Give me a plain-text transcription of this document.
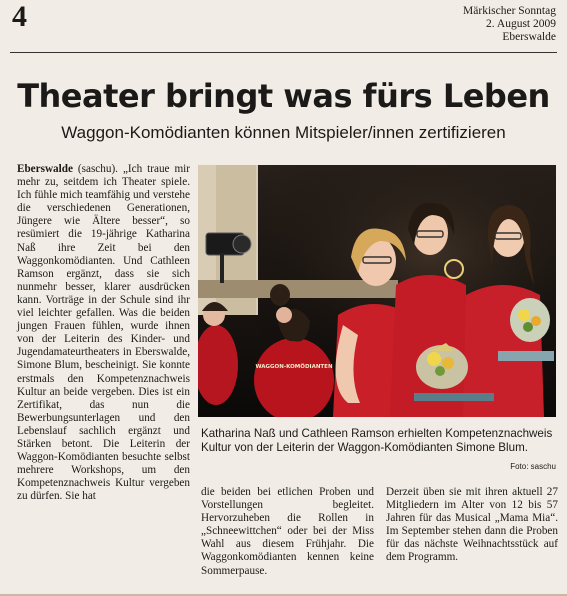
4	Märkischer Sonntag
2. August 2009
Eberswalde
Theater bringt was fürs Leben
Waggon-Komödianten können Mitspieler/innen zertifizieren
Eberswalde (saschu). „Ich traue mir mehr zu, seitdem ich Theater spiele. Ich fühle mich teamfähig und verstehe die verschiedenen Generationen, Jüngere wie Ältere besser“, so resümiert die 19-jährige Katharina Naß ihre Zeit bei den Waggonkomödianten. Und Cathleen Ramson ergänzt, dass sie sich nunmehr besser, klarer ausdrücken kann. Vorträge in der Schule sind ihr viel leichter gefallen. Was die beiden jungen Frauen fühlen, wurde ihnen von der Leiterin des Kinder- und Jugendamateurtheaters in Eberswalde, Simone Blum, bescheinigt. Sie konnte erstmals den Kompetenznachweis Kultur an beide vergeben. Dies ist ein Zertifikat, das nun die Bewerbungsunterlagen und den Lebenslauf sachlich ergänzt und Stärken betont. Die Leiterin der Waggon-Komödianten besuchte selbst mehrere Workshops, um den Kompetenznachweis Kultur vergeben zu dürfen. Sie hat
WAGGON-KOMÖDIANTEN
Katharina Naß und Cathleen Ramson erhielten Kompetenznachweis Kultur von der Leiterin der Waggon-Komödianten Simone Blum.
Foto: saschu
die beiden bei etlichen Proben und Vorstellungen begleitet. Hervorzuheben die Rollen in „Schneewittchen“ oder bei der Miss Wahl aus diesem Frühjahr. Die Waggonkomödianten kennen keine Sommerpause.
Derzeit üben sie mit ihren aktuell 27 Mitgliedern im Alter von 12 bis 57 Jahren für das Musical „Mama Mia“. Im September stehen dann die Proben für das nächste Weihnachtsstück auf dem Programm.
